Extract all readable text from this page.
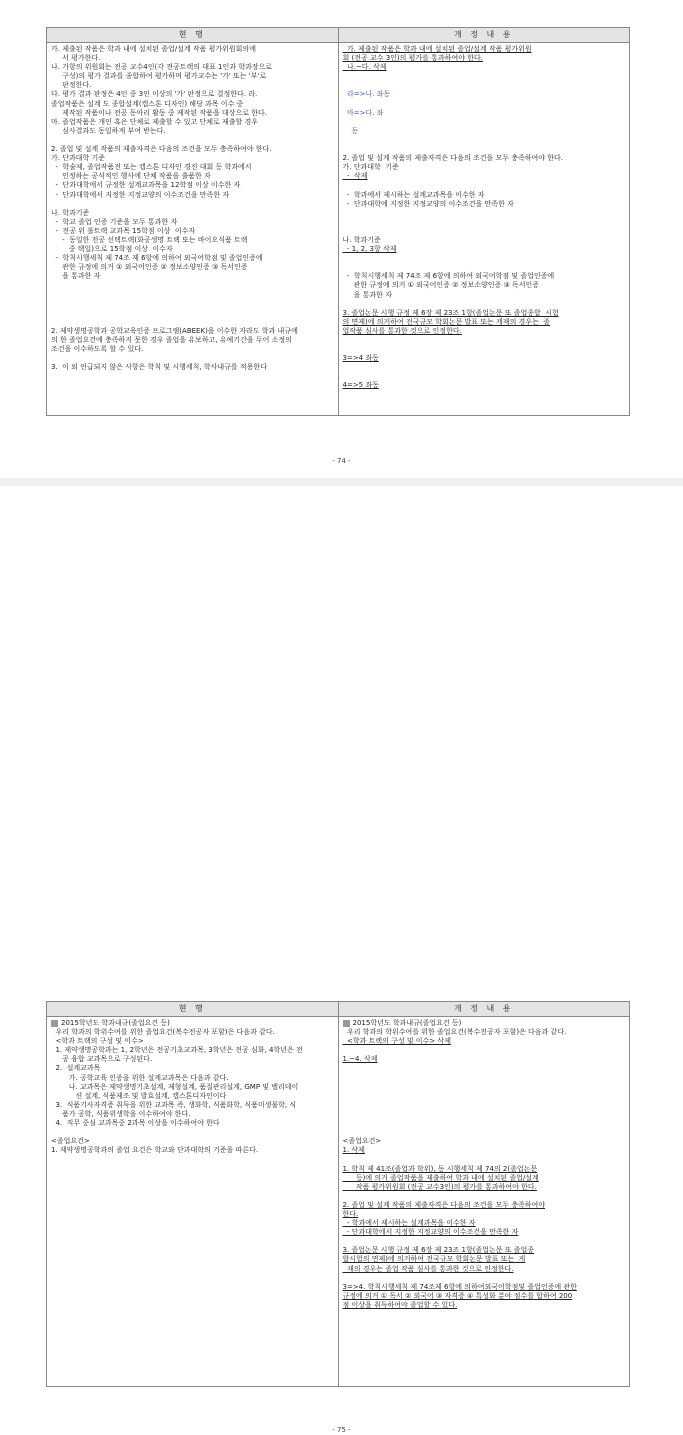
현 행	개 정 내 용
가. 제출된 작품은 학과 내에 설치된 졸업/설계 작품 평가위원회의에
서 평가한다.
나. 가항의 위원회는 전공 교수4인(각 전공트랙의 대표 1인과 학과장으로
구성)의 평가 결과를 종합하여 평가하며 평가교수는 '가' 또는 '부'로
판정한다.
다. 평가 결과 판정은 4인 중 3인 이상의 '가' 판정으로 결정한다. 라.
졸업작품은 설계 도 종합설계(캡스톤 디자인) 해당 과목 이수 중
제작된 작품이나 전공 동아리 활동 중 제작된 작품을 대상으로 한다.
마. 졸업작품은 개인 혹은 단체로 제출할 수 있고 단체로 제출할 경우
심사결과도 동일하게 부여 받는다.

2. 졸업 및 설계 작품의 제출자격은 다음의 조건을 모두 충족하여야 한다.
가. 단과대학 기준
-  학술제, 졸업작품전 또는 캡스톤 디자인 경진 대회 등 학과에서
인정하는 공식적인 행사에 단체 작품을 출품한 자
-  단과대학에서 규정한 설계교과목을 12학점 이상 이수한 자
-  단과대학에서 지정한 지정교양의 이수조건을 만족한 자

나. 학과기준
-  학교 졸업 인증 기준을 모두 통과한 자
-  전공 위 롤트랙 교과목 15학점 이상  이수자
-  동일한 전공 선택트랙(화공생명 트랙 또는 바이오식품 트랙
중 택일)으로 15학점 이상  이수자
-  학칙시행세칙 제 74조 제 6항에 의하여 외국어학점 및 졸업인증에
관한 규정에 의거 ① 외국어인증 ② 정보소양인증 ③ 독서인증
을 통과한 자

2. 제약생명공학과 공학교육인증 프로그램(ABEEK)을 이수한 자라도 학과 내규에
의 한 졸업요건에 충족하지 못한 경우 졸업을 유보하고, 유예기간을 두어 소정의
조건을 이수하도록 할 수 있다.

3.  이 외 언급되지 않은 사항은 학칙 및 시행세칙, 학사내규를 적용한다
가. 제출된 작품은 학과 내에 설치된 졸업/설계 작품 평가위원
회 (전공 교수 3인)의 평가를 통과하여야 한다.
나.~다. 삭제

라=>나. 좌동

마=>다. 좌

동

2. 졸업 및 설계 작품의 제출자격은 다음의 조건을 모두 충족하여야 한다.
가. 단과대학  기준
-  삭제

-  학과에서 제시하는 설계교과목을 이수한 자
-  단과대학에 지정한 지정교양의 이수조건을 만족한 자

나. 학과기준
- 1, 2, 3항 삭제

-  학칙시행세칙 제 74조 제 6항에 의하여 외국어학점 및 졸업인증에
관한 규정에 의거 ① 외국어인증 ② 정보소양인증 ③ 독서인증
을 통과한 자

3. 졸업논문 시행 규정 제 6장 제 23조 1항(졸업논문 또 졸업종합  시험
의 면제)에 의거하여 전국규모 학회논문 발표 또는 게재의 경우는  졸
업작품 심사를 통과한 것으로 인정한다.

3=>4 좌동

4=>5 좌동
- 74 -
현 행	개 정 내 용
2015학년도 학과내규(졸업요건 등)
우리 학과의 학위수여를 위한 졸업요건(복수전공자 포함)은 다음과 같다.
<학과 트랙의 구성 및 이수>
1. 제약생명공학과는 1, 2학년은 전공기초교과목, 3학년은 전공 심화, 4학년은 전
공 융합 교과목으로 구성된다.
2.  설계교과목
가. 공학교육 인증을 위한 설계교과목은 다음과 같다.
나. 교과목은 제약생명기초설계, 제형설계, 품질관리설계, GMP 및 밸리데이
션 설계, 식품제조 및 발효설계, 캡스톤디자인이다
3.  식품기사자격증 취득을 위한 교과목 즉, 생화학, 식품화학, 식품미생물학, 식
품가 공학, 식품위생학을 이수하여야 한다.
4.  직무 중심 교과목중 2과목 이상을 이수하여야 한다

<졸업요건>
1. 제약생명공학과의 졸업 요건은 학교와 단과대학의 기준을 따른다.
2015학년도 학과내규(졸업요건 등)
우리 학과의 학위수여를 위한 졸업요건(복수전공자 포함)은 다음과 같다.
<학과 트랙의 구성 및 이수> 삭제

1.~4. 삭제

<졸업요건>
1. 삭제

1. 학칙 제 41조(졸업과 학위), 동 시행세칙 제 74의 2(졸업논문
등)에 의거 졸업작품을 제출하여 학과 내에 설치된 졸업/설계
작품 평가위원회 (전공 교수3인)의 평가를 통과하여야 한다.

2. 졸업 및 설계 작품의 제출자격은 다음의 조건을 모두 충족하여야
한다.
- 학과에서 제시하는 설계과목을 이수한 자
- 단과대학에서 지정한 지정교양의 이수조건을 만족한 자

3. 졸업논문 시행 규정 제 6장 제 23조 1항(졸업논문 또 졸업종
합시험의 면제)에 의거하여 전국규모 학회논문 발표 또는  게
재의 경우는 졸업 작품 심사를 통과한 것으로 인정한다.

3=>4. 학칙시행세칙 제 74조제 6항에 의하여외국어학점및 졸업인증에 관한
규정에 의거 ① 독서 ② 외국어 ③ 자격증 ④ 특성화 분야 점수를 합하여 200
점 이상을 취득하여야 졸업할 수 있다.
- 75 -
